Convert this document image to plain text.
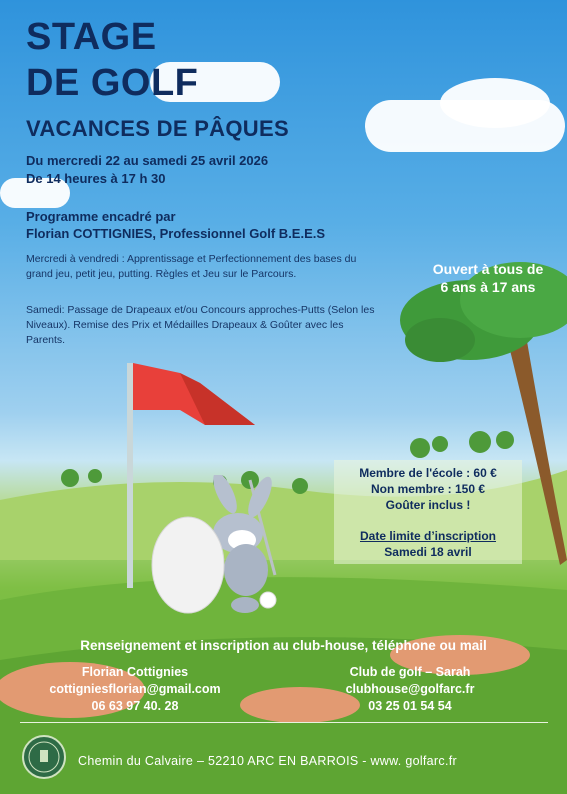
STAGE
DE GOLF
VACANCES DE PÂQUES
Du mercredi 22 au samedi 25 avril 2026
De 14 heures à 17 h 30
Programme encadré par
Florian COTTIGNIES, Professionnel Golf B.E.E.S
Mercredi à vendredi : Apprentissage et Perfectionnement des bases du grand jeu, petit jeu, putting. Règles et Jeu sur le Parcours.
Samedi: Passage de Drapeaux et/ou Concours approches-Putts (Selon les Niveaux). Remise des Prix et Médailles Drapeaux & Goûter avec les Parents.
Ouvert à tous de
6 ans à 17 ans
Membre de l'école : 60 €
Non membre : 150 €
Goûter inclus !
Date limite d’inscription
Samedi 18 avril
Renseignement et inscription au club-house, téléphone ou mail
Florian Cottignies
cottigniesflorian@gmail.com
06 63 97 40. 28
Club de golf – Sarah
clubhouse@golfarc.fr
03 25 01 54 54
Chemin du Calvaire – 52210 ARC EN BARROIS - www. golfarc.fr
